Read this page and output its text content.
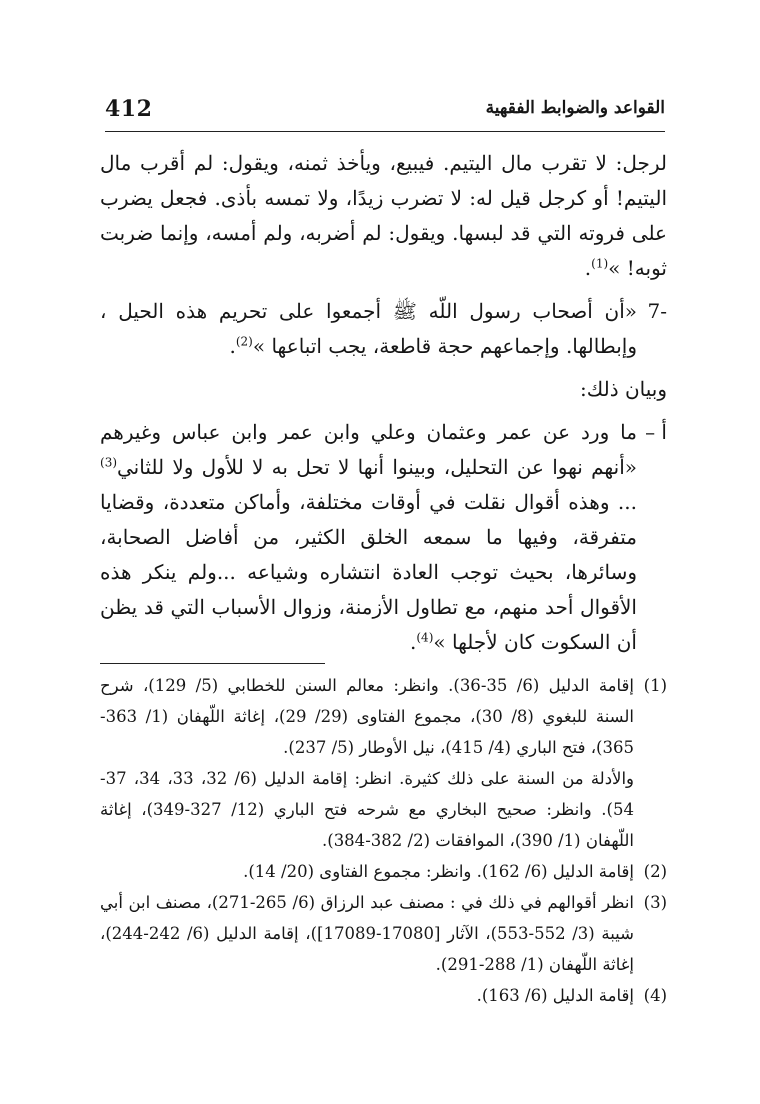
412	القواعد والضوابط الفقهية

لرجل: لا تقرب مال اليتيم. فيبيع، ويأخذ ثمنه، ويقول: لم أقرب مال اليتيم! أو كرجل قيل له: لا تضرب زيدًا، ولا تمسه بأذى. فجعل يضرب على فروته التي قد لبسها. ويقول: لم أضربه، ولم أمسه، وإنما ضربت ثوبه! »$^{(1)}$.

-7
«أن أصحاب رسول اللّه ﷺ أجمعوا على تحريم هذه الحيل ، وإبطالها. وإجماعهم حجة قاطعة، يجب اتباعها »$^{(2)}$.

وبيان ذلك:

أ –
ما ورد عن عمر وعثمان وعلي وابن عمر وابن عباس وغيرهم «أنهم نهوا عن التحليل، وبينوا أنها لا تحل به لا للأول ولا للثاني$^{(3)}$ ... وهذه أقوال نقلت في أوقات مختلفة، وأماكن متعددة، وقضايا متفرقة، وفيها ما سمعه الخلق الكثير، من أفاضل الصحابة، وسائرها، بحيث توجب العادة انتشاره وشياعه ...ولم ينكر هذه الأقوال أحد منهم، مع تطاول الأزمنة، وزوال الأسباب التي قد يظن أن السكوت كان لأجلها »$^{(4)}$.
(1)
إقامة الدليل (6/ 35-36). وانظر: معالم السنن للخطابي (5/ 129)، شرح السنة للبغوي (8/ 30)، مجموع الفتاوى (29/ 29)، إغاثة اللّهفان (1/ 363-365)، فتح الباري (4/ 415)، نيل الأوطار (5/ 237).
والأدلة من السنة على ذلك كثيرة. انظر: إقامة الدليل (6/ 32، 33، 34، 37-54). وانظر: صحيح البخاري مع شرحه فتح الباري (12/ 327-349)، إغاثة اللّهفان (1/ 390)، الموافقات (2/ 382-384).
(2)
إقامة الدليل (6/ 162). وانظر: مجموع الفتاوى (20/ 14).
(3)
انظر أقوالهم في ذلك في : مصنف عبد الرزاق (6/ 265-271)، مصنف ابن أبي شيبة (3/ 552-553)، الآثار [17080-17089])، إقامة الدليل (6/ 242-244)، إغاثة اللّهفان (1/ 288-291).
(4)
إقامة الدليل (6/ 163).
